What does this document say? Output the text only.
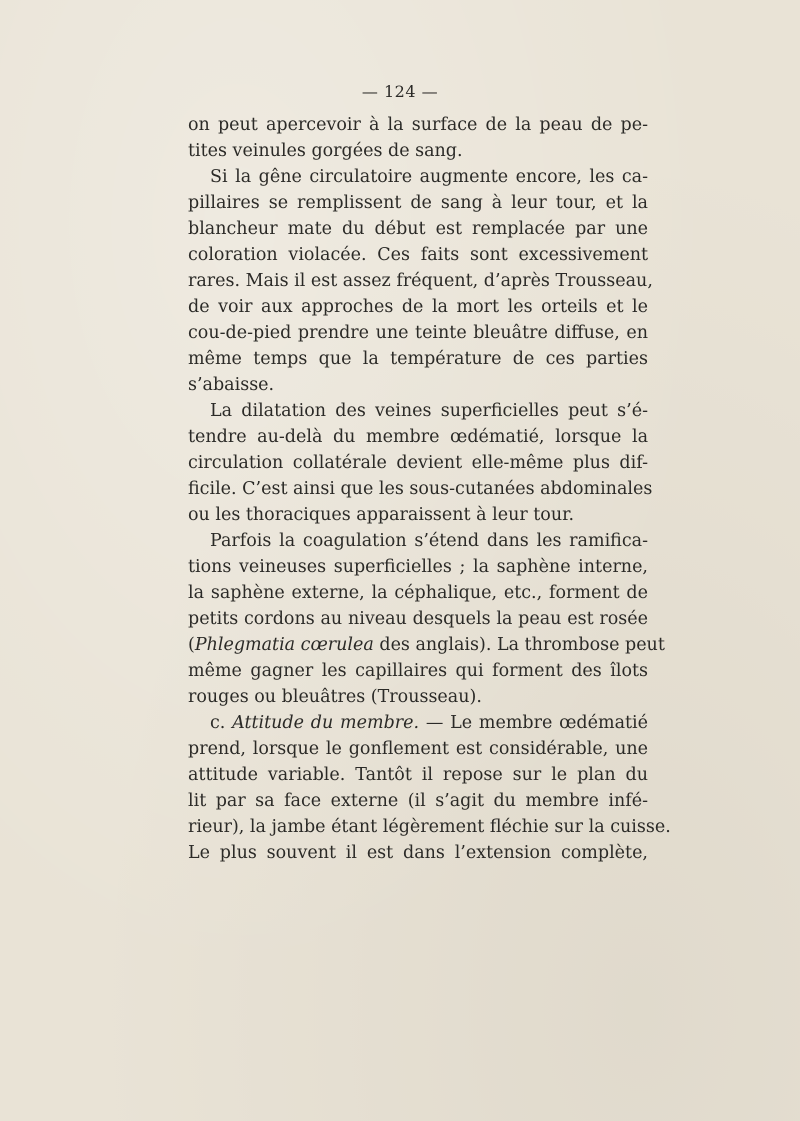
— 124 —
on peut apercevoir à la surface de la peau de pe-
tites veinules gorgées de sang.
Si la gêne circulatoire augmente encore, les ca-
pillaires se remplissent de sang à leur tour, et la
blancheur mate du début est remplacée par une
coloration violacée. Ces faits sont excessivement
rares. Mais il est assez fréquent, d’après Trousseau,
de voir aux approches de la mort les orteils et le
cou-de-pied prendre une teinte bleuâtre diffuse, en
même temps que la température de ces parties
s’abaisse.
La dilatation des veines superficielles peut s’é-
tendre au-delà du membre œdématié, lorsque la
circulation collatérale devient elle-même plus dif-
ficile. C’est ainsi que les sous-cutanées abdominales
ou les thoraciques apparaissent à leur tour.
Parfois la coagulation s’étend dans les ramifica-
tions veineuses superficielles ; la saphène interne,
la saphène externe, la céphalique, etc., forment de
petits cordons au niveau desquels la peau est rosée
(Phlegmatia cœrulea des anglais). La thrombose peut
même gagner les capillaires qui forment des îlots
rouges ou bleuâtres (Trousseau).
c. Attitude du membre. — Le membre œdématié
prend, lorsque le gonflement est considérable, une
attitude variable. Tantôt il repose sur le plan du
lit par sa face externe (il s’agit du membre infé-
rieur), la jambe étant légèrement fléchie sur la cuisse.
Le plus souvent il est dans l’extension complète,
